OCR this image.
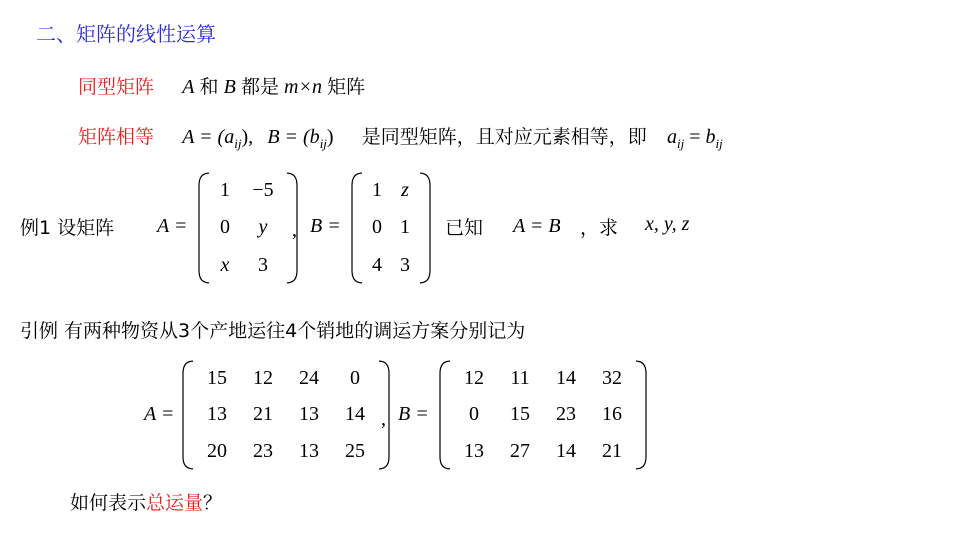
二、矩阵的线性运算
同型矩阵 A 和 B 都是 m×n 矩阵
矩阵相等 $A = (a_{ij})$, $B = (b_{ij})$ 是同型矩阵，且对应元素相等，即 $a_{ij} = b_{ij}$
例1 设矩阵 A =
1	−5
0	y
x	3
, B =
1	z
0	1
4	3
已知 A = B ，求 x, y, z
引例 有两种物资从3个产地运往4个销地的调运方案分别记为
A =
15	12	24	0
13	21	13	14
20	23	13	25
, B =
12	11	14	32
0	15	23	16
13	27	14	21
如何表示总运量？
